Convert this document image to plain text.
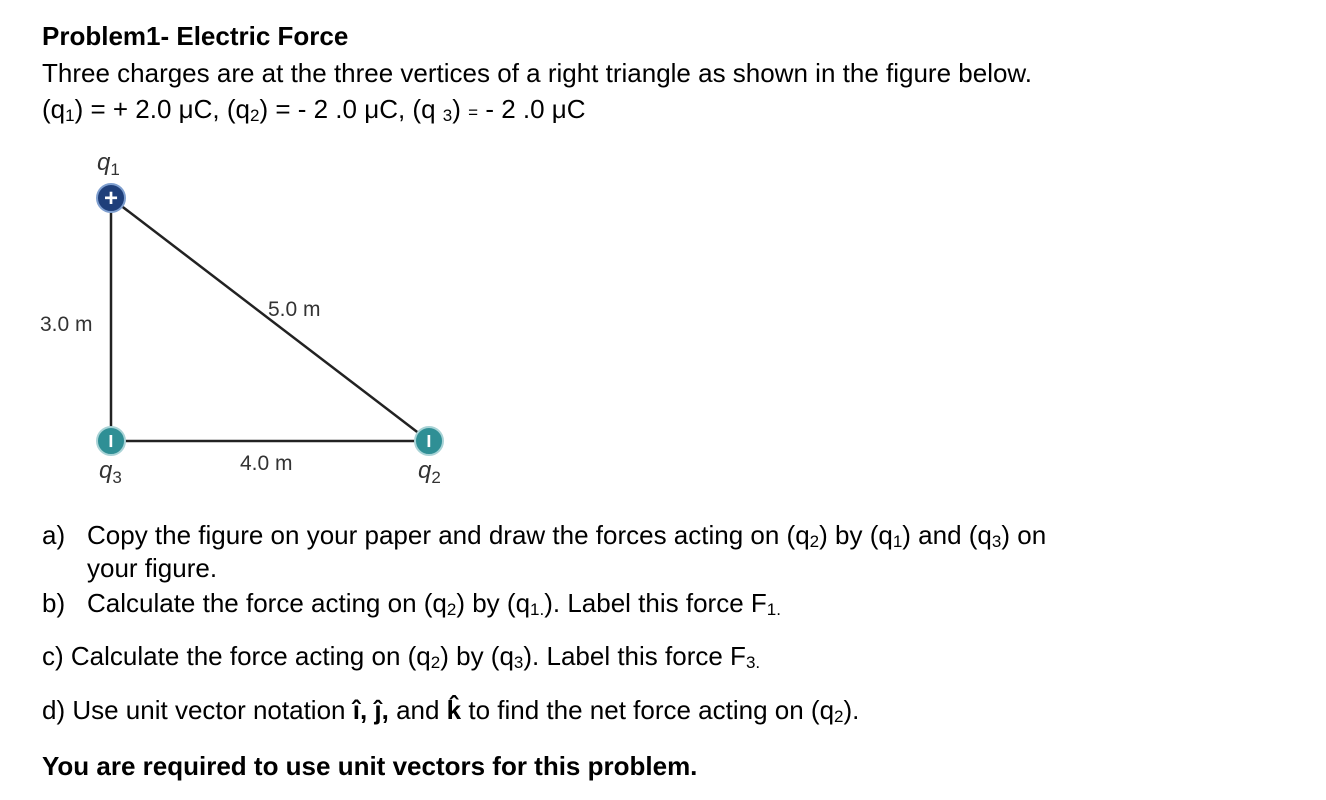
Problem1- Electric Force
Three charges are at the three vertices of a right triangle as shown in the figure below.
(q1) = + 2.0 μC, (q2) = - 2 .0 μC, (q 3) = - 2 .0 μC
+
−	−
$q_1$
$q_3$	$q_2$
3.0 m
5.0 m
4.0 m
a) Copy the figure on your paper and draw the forces acting on (q2) by (q1) and (q3) on
your figure.
b) Calculate the force acting on (q2) by (q1.). Label this force F1.
c) Calculate the force acting on (q2) by (q3). Label this force F3.
d) Use unit vector notation î, ĵ, and k̂ to find the net force acting on (q2).
You are required to use unit vectors for this problem.
